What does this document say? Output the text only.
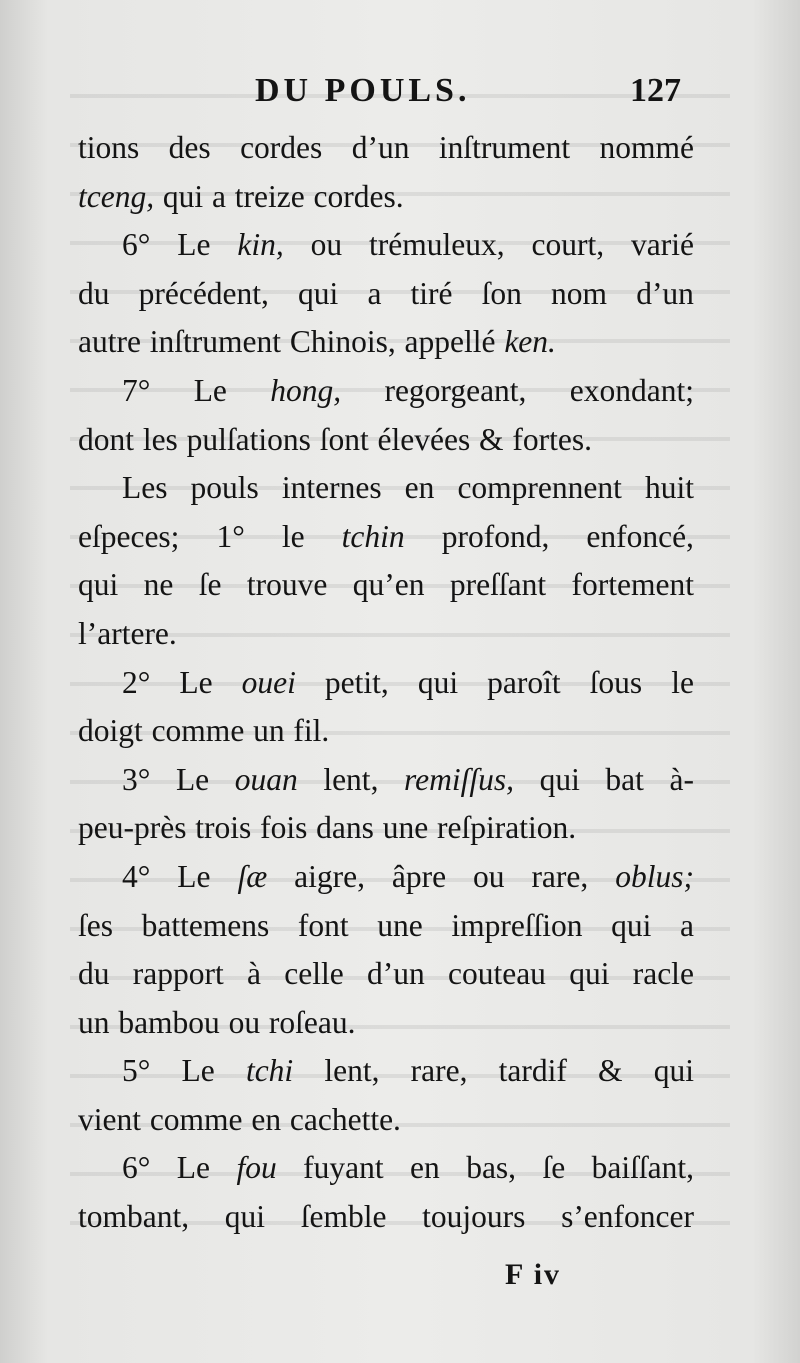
DU POULS.	127
tions des cordes d’un inſtrument nommé
tceng, qui a treize cordes.
6° Le kin, ou trémuleux, court, varié
du précédent, qui a tiré ſon nom d’un
autre inſtrument Chinois, appellé ken.
7° Le hong, regorgeant, exondant;
dont les pulſations ſont élevées & fortes.
Les pouls internes en comprennent huit
eſpeces; 1° le tchin profond, enfoncé,
qui ne ſe trouve qu’en preſſant fortement
l’artere.
2° Le ouei petit, qui paroît ſous le
doigt comme un fil.
3° Le ouan lent, remiſſus, qui bat à-
peu-près trois fois dans une reſpiration.
4° Le ſæ aigre, âpre ou rare, oblus;
ſes battemens font une impreſſion qui a
du rapport à celle d’un couteau qui racle
un bambou ou roſeau.
5° Le tchi lent, rare, tardif & qui
vient comme en cachette.
6° Le fou fuyant en bas, ſe baiſſant,
tombant, qui ſemble toujours s’enfoncer
F iv
